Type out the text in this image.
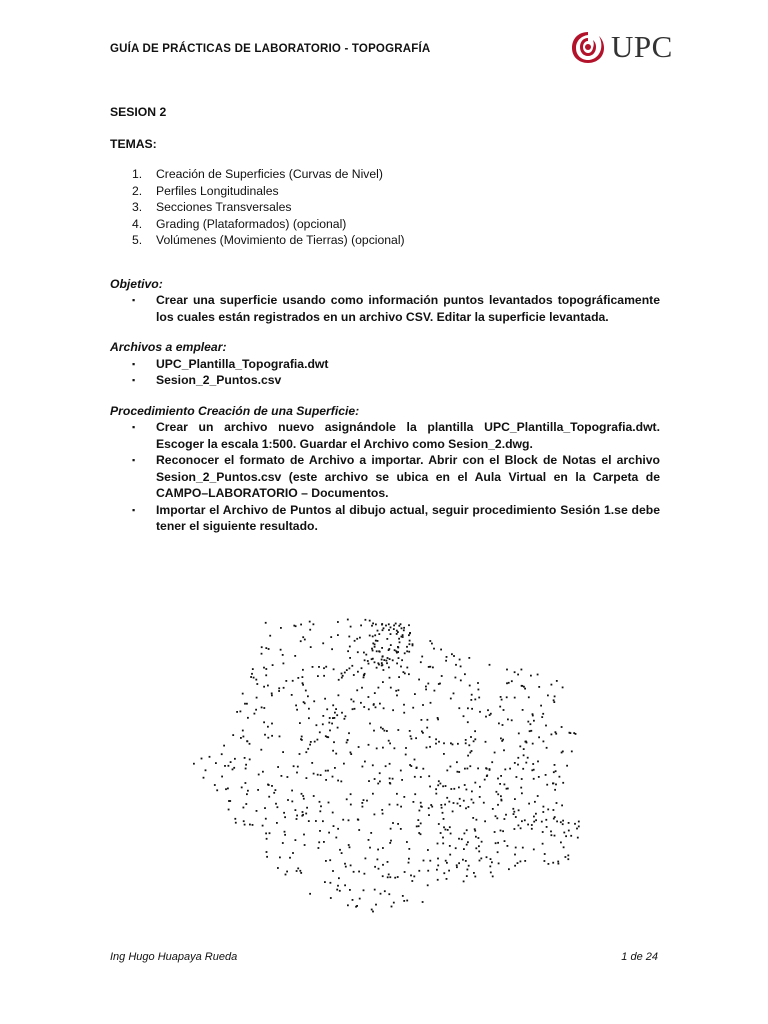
GUÍA DE PRÁCTICAS DE LABORATORIO - TOPOGRAFÍA	UPC

SESION 2

TEMAS:

1. Creación de Superficies (Curvas de Nivel)
2. Perfiles Longitudinales
3. Secciones Transversales
4. Grading (Plataformados) (opcional)
5. Volúmenes (Movimiento de Tierras) (opcional)

Objetivo:

▪ Crear una superficie usando como información puntos levantados topográficamente los cuales están registrados en un archivo CSV. Editar la superficie levantada.

Archivos a emplear:

▪ UPC_Plantilla_Topografia.dwt
▪ Sesion_2_Puntos.csv

Procedimiento Creación de una Superficie:

▪ Crear un archivo nuevo asignándole la plantilla UPC_Plantilla_Topografia.dwt. Escoger la escala 1:500. Guardar el Archivo como Sesion_2.dwg.
▪ Reconocer el formato de Archivo a importar. Abrir con el Block de Notas el archivo Sesion_2_Puntos.csv (este archivo se ubica en el Aula Virtual en la Carpeta de CAMPO–LABORATORIO – Documentos.
▪ Importar el Archivo de Puntos al dibujo actual, seguir procedimiento Sesión 1.se debe tener el siguiente resultado.
Ing Hugo Huapaya Rueda	1 de 24
